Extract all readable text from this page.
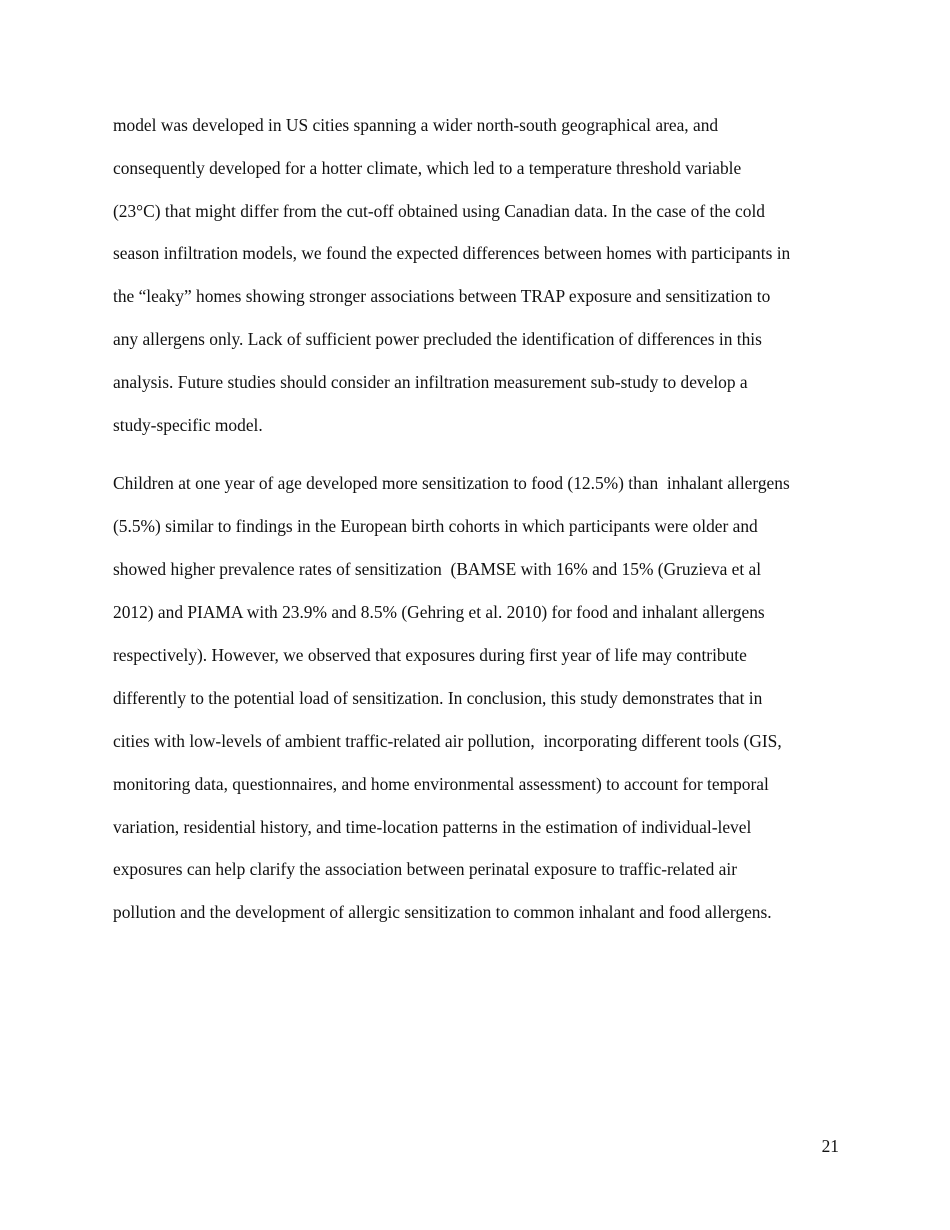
model was developed in US cities spanning a wider north-south geographical area, and

consequently developed for a hotter climate, which led to a temperature threshold variable

(23°C) that might differ from the cut-off obtained using Canadian data. In the case of the cold

season infiltration models, we found the expected differences between homes with participants in

the “leaky” homes showing stronger associations between TRAP exposure and sensitization to

any allergens only. Lack of sufficient power precluded the identification of differences in this

analysis. Future studies should consider an infiltration measurement sub-study to develop a

study-specific model.

Children at one year of age developed more sensitization to food (12.5%) than  inhalant allergens

(5.5%) similar to findings in the European birth cohorts in which participants were older and

showed higher prevalence rates of sensitization  (BAMSE with 16% and 15% (Gruzieva et al

2012) and PIAMA with 23.9% and 8.5% (Gehring et al. 2010) for food and inhalant allergens

respectively). However, we observed that exposures during first year of life may contribute

differently to the potential load of sensitization. In conclusion, this study demonstrates that in

cities with low-levels of ambient traffic-related air pollution,  incorporating different tools (GIS,

monitoring data, questionnaires, and home environmental assessment) to account for temporal

variation, residential history, and time-location patterns in the estimation of individual-level

exposures can help clarify the association between perinatal exposure to traffic-related air

pollution and the development of allergic sensitization to common inhalant and food allergens.

21
